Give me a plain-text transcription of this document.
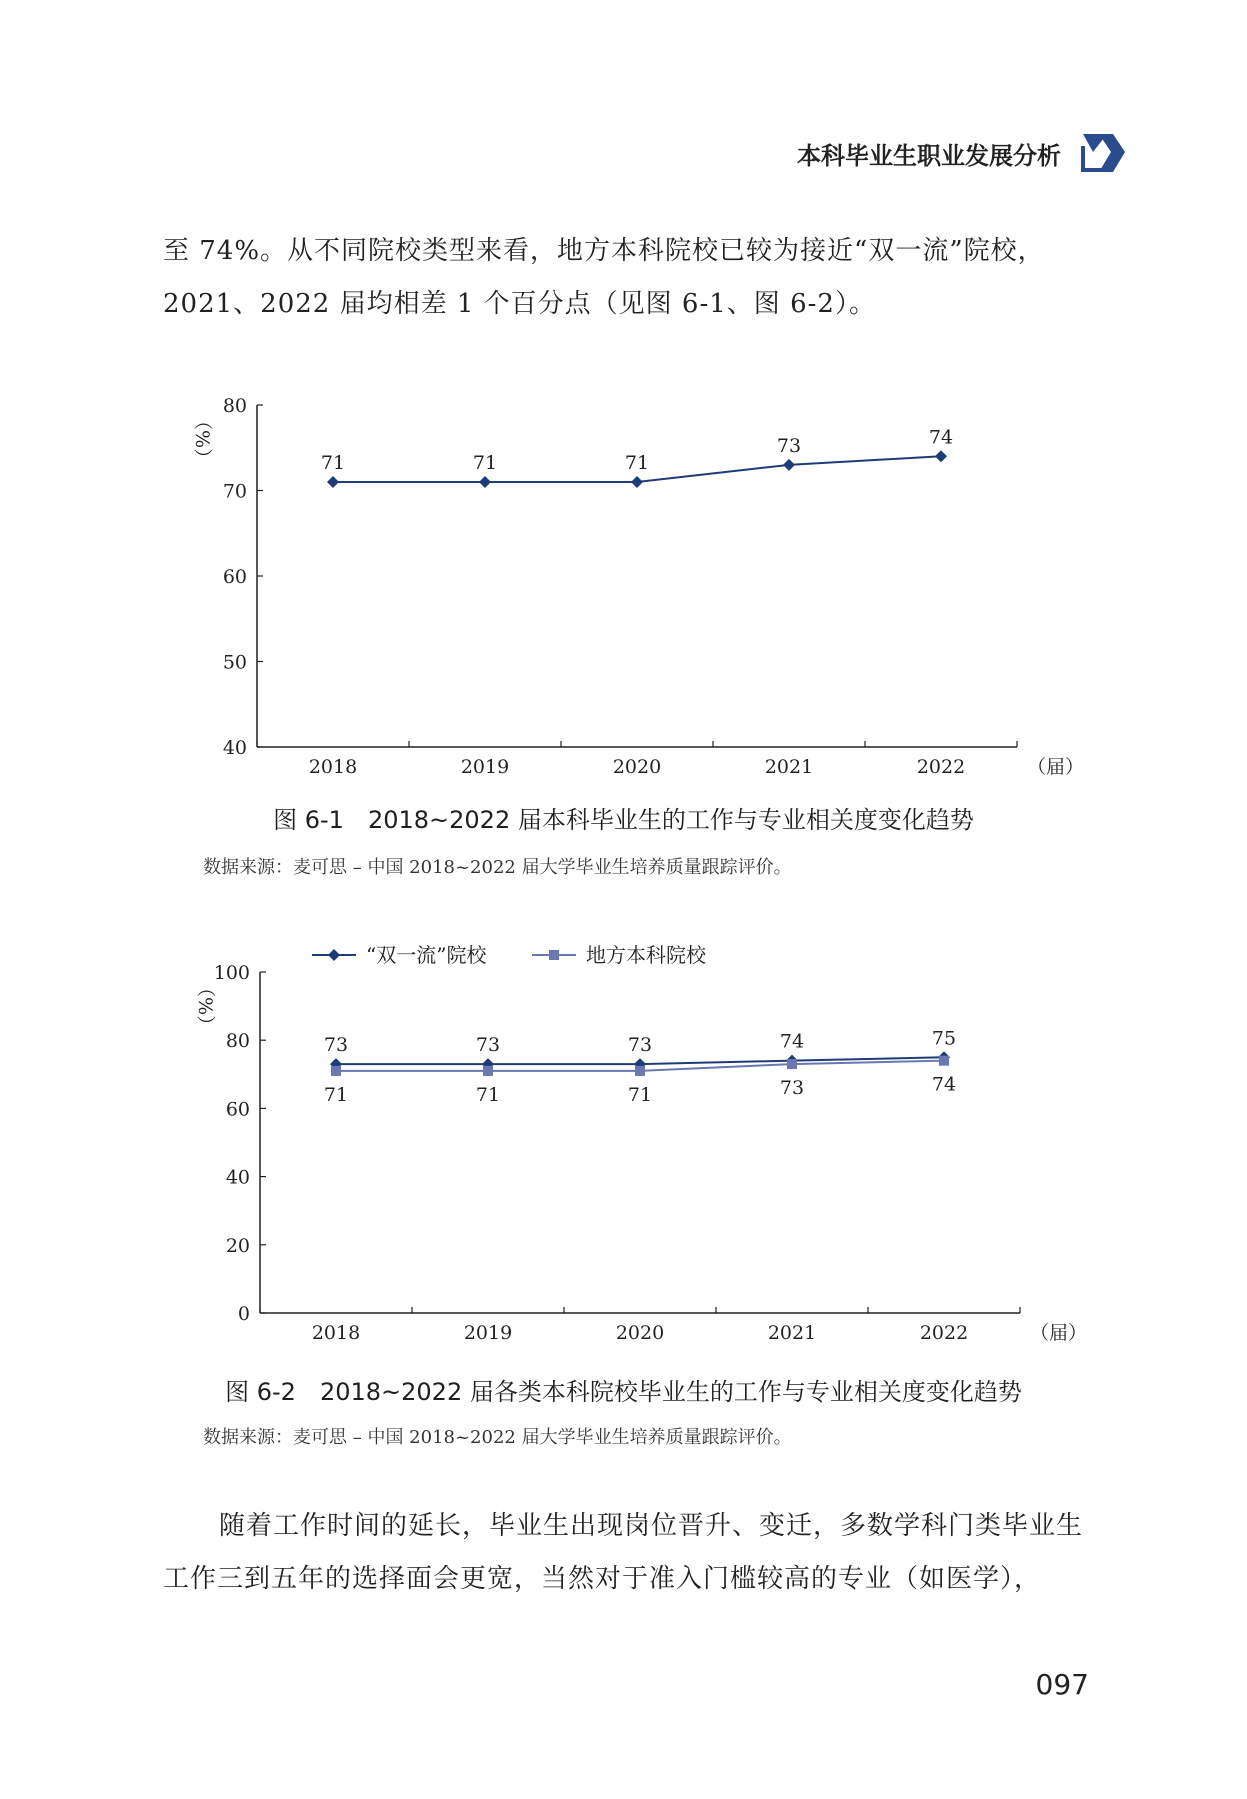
本科毕业生职业发展分析

至 74%。从不同院校类型来看，地方本科院校已较为接近“双一流”院校，2021、2022 届均相差 1 个百分点（见图 6-1、图 6-2）。

40
50
60
70
80
2018	2019	2020	2021	2022	（届）
（%）	71	71	71
73	74
图 6-1　2018~2022 届本科毕业生的工作与专业相关度变化趋势
数据来源：麦可思 – 中国 2018~2022 届大学毕业生培养质量跟踪评价。
0
20
40
60
80
100
2018	2019	2020	2021	2022	（届）
（%）
73	73	73	74	75
71	71	71	73	74
“双一流”院校	地方本科院校
图 6-2　2018~2022 届各类本科院校毕业生的工作与专业相关度变化趋势
数据来源：麦可思 – 中国 2018~2022 届大学毕业生培养质量跟踪评价。

随着工作时间的延长，毕业生出现岗位晋升、变迁，多数学科门类毕业生工作三到五年的选择面会更宽，当然对于准入门槛较高的专业（如医学），

097
